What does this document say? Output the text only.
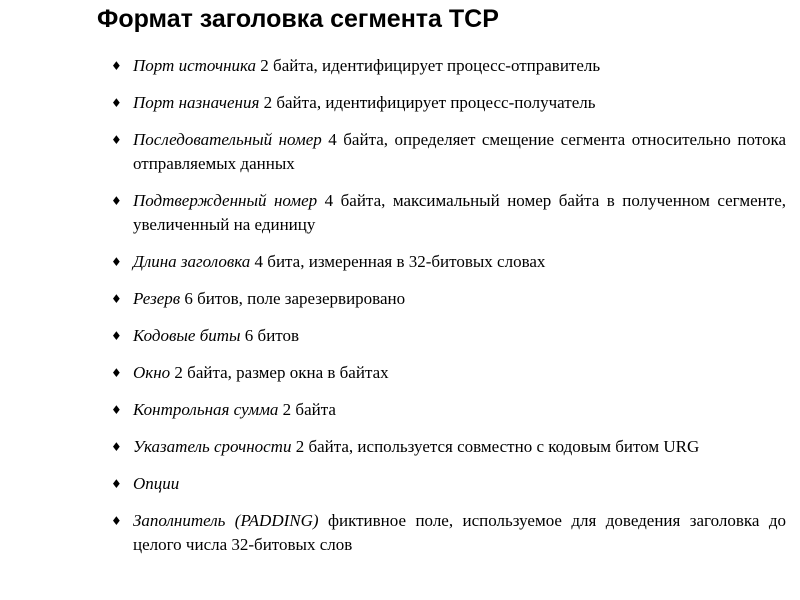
Формат заголовка сегмента TCP
♦ Порт источника 2 байта, идентифицирует процесс-отправитель
♦ Порт назначения 2 байта, идентифицирует процесс-получатель
♦ Последовательный номер 4 байта, определяет смещение сегмента относительно потока отправляемых данных
♦ Подтвержденный номер 4 байта, максимальный номер байта в полученном сегменте, увеличенный на единицу
♦ Длина заголовка 4 бита, измеренная в 32-битовых словах
♦ Резерв 6 битов, поле зарезервировано
♦ Кодовые биты 6 битов
♦ Окно 2 байта, размер окна в байтах
♦ Контрольная сумма 2 байта
♦ Указатель срочности 2 байта, используется совместно с кодовым битом URG
♦ Опции
♦ Заполнитель (PADDING) фиктивное поле, используемое для доведения заголовка до целого числа 32-битовых слов
